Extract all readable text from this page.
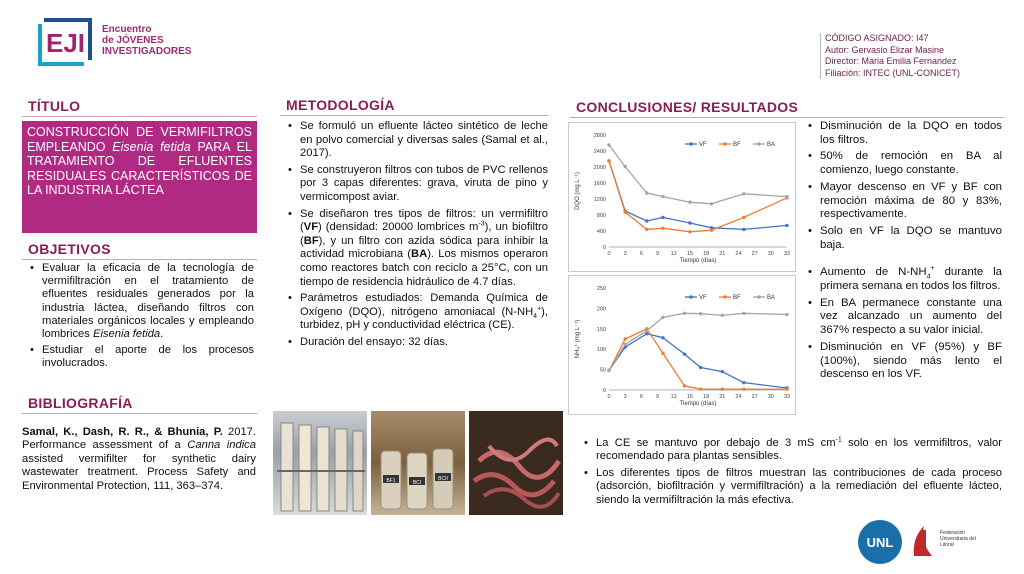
EJI Encuentro
de JÓVENES
INVESTIGADORES
CÓDIGO ASIGNADO: I47
Autor: Gervasio Elizar Masine
Director: Maria Emilia Fernandez
Filiación: INTEC (UNL-CONICET)
TÍTULO
CONSTRUCCIÓN DE VERMIFILTROS EMPLEANDO Eisenia fetida PARA EL TRATAMIENTO DE EFLUENTES RESIDUALES CARACTERÍSTICOS DE LA INDUSTRIA LÁCTEA
OBJETIVOS
• Evaluar la eficacia de la tecnología de vermifiltración en el tratamiento de efluentes residuales generados por la industria láctea, diseñando filtros con materiales orgánicos locales y empleando lombrices Eisenia fetida.
• Estudiar el aporte de los procesos involucrados.
BIBLIOGRAFÍA
Samal, K., Dash, R. R., & Bhunia, P. 2017. Performance assessment of a Canna indica assisted vermifilter for synthetic dairy wastewater treatment. Process Safety and Environmental Protection, 111, 363–374.
METODOLOGÍA
• Se formuló un efluente lácteo sintético de leche en polvo comercial y diversas sales (Samal et al., 2017).
• Se construyeron filtros con tubos de PVC rellenos por 3 capas diferentes: grava, viruta de pino y vermicompost aviar.
• Se diseñaron tres tipos de filtros: un vermifiltro (VF) (densidad: 20000 lombrices $m^{-3}$), un biofiltro (BF), y un filtro con azida sódica para inhibir la actividad microbiana (BA). Los mismos operaron como reactores batch con reciclo a 25°C, con un tiempo de residencia hidráulico de 4.7 días.
• Parámetros estudiados: Demanda Química de Oxígeno (DQO), nitrógeno amoniacal $(N-NH_4^+)$, turbidez, pH y conductividad eléctrica (CE).
• Duración del ensayo: 32 días.
BF1	BCI
BCII
CONCLUSIONES/ RESULTADOS
0
400
800
1200
1600
2000
2400
2800
0 3 6 9 12 15 18 21 24 27 30 33
Tiempo (días)
DQO (mg L⁻¹)
VF	BF	BA
0
50
100
150
200
250
0 3 6 9 12 15 18 21 24 27 30 33
Tiempo (días)
NH₄⁺ (mg L⁻¹)
VF	BF	BA
• Disminución de la DQO en todos los filtros.
• 50% de remoción en BA al comienzo, luego constante.
• Mayor descenso en VF y BF con remoción máxima de 80 y 83%, respectivamente.
• Solo en VF la DQO se mantuvo baja.
• Aumento de $N-NH_4^+$ durante la primera semana en todos los filtros.
• En BA permanece constante una vez alcanzado un aumento del 367% respecto a su valor inicial.
• Disminución en VF (95%) y BF (100%), siendo más lento el descenso en los VF.
• La CE se mantuvo por debajo de 3 mS $cm^{-1}$ solo en los vermifiltros, valor recomendado para plantas sensibles.
• Los diferentes tipos de filtros muestran las contribuciones de cada proceso (adsorción, biofiltración y vermifiltración) a la remediación del efluente lácteo, siendo la vermifiltración la más efectiva.
UNL
Federación Universitaria del Litoral
